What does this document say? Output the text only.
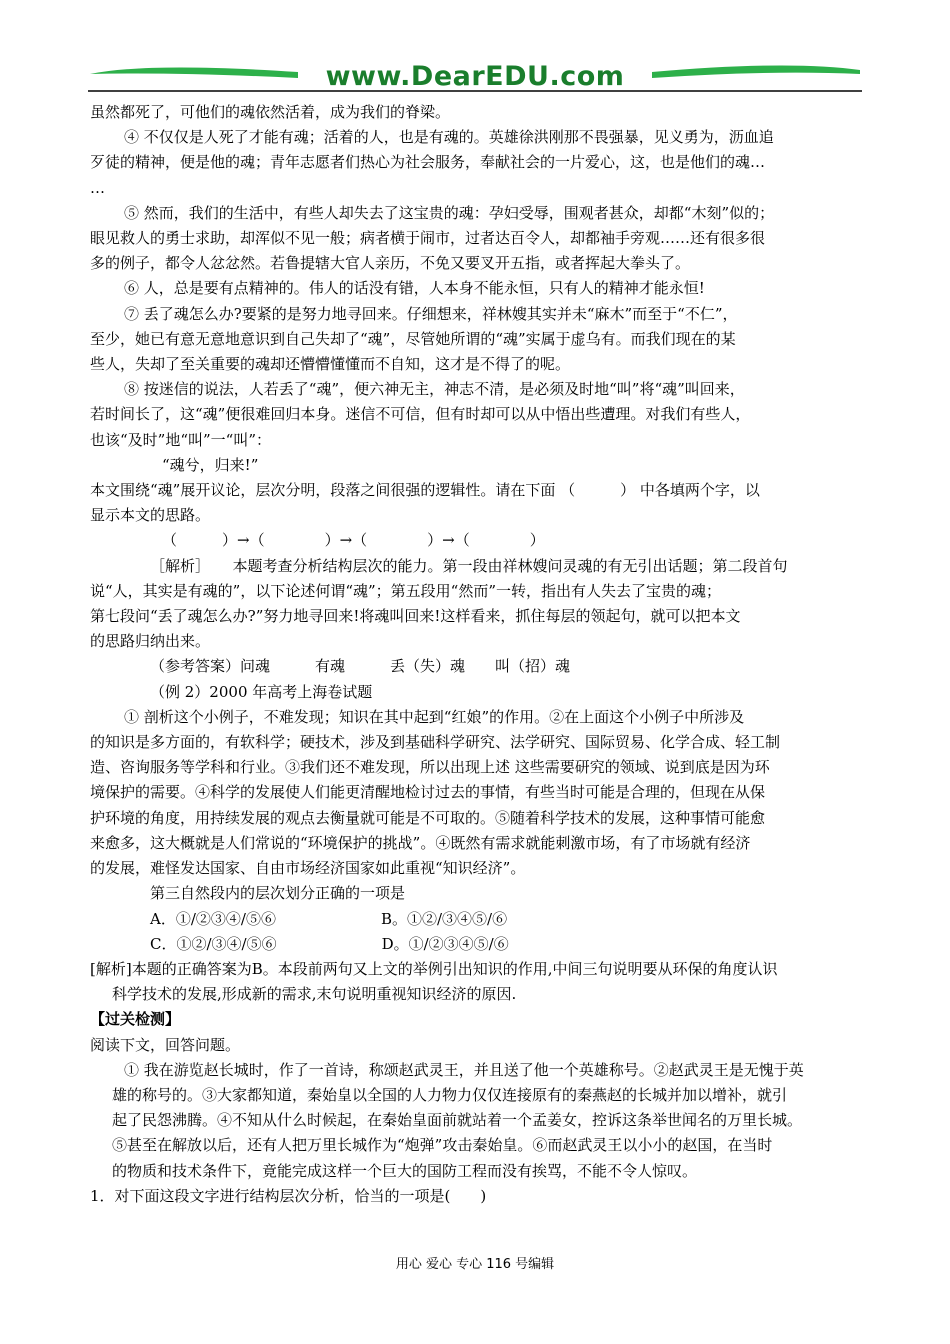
www.DearEDU.com

虽然都死了，可他们的魂依然活着，成为我们的脊梁。

④ 不仅仅是人死了才能有魂；活着的人，也是有魂的。英雄徐洪刚那不畏强暴，见义勇为，沥血追

歹徒的精神，便是他的魂；青年志愿者们热心为社会服务，奉献社会的一片爱心，这，也是他们的魂…

…

⑤ 然而，我们的生活中，有些人却失去了这宝贵的魂：孕妇受辱，围观者甚众，却都“木刻”似的；

眼见救人的勇士求助，却浑似不见一般；病者横于闹市，过者达百令人，却都袖手旁观……还有很多很

多的例子，都令人忿忿然。若鲁提辖大官人亲历，不免又要叉开五指，或者挥起大拳头了。

⑥ 人，总是要有点精神的。伟人的话没有错，人本身不能永恒，只有人的精神才能永恒!

⑦ 丢了魂怎么办?要紧的是努力地寻回来。仔细想来，祥林嫂其实并未“麻木”而至于“不仁”，

至少，她已有意无意地意识到自己失却了“魂”，尽管她所谓的“魂”实属于虚乌有。而我们现在的某

些人，失却了至关重要的魂却还懵懵懂懂而不自知，这才是不得了的呢。

⑧ 按迷信的说法，人若丢了“魂”，便六神无主，神志不清，是必须及时地“叫”将“魂”叫回来，

若时间长了，这“魂”便很难回归本身。迷信不可信，但有时却可以从中悟出些遭理。对我们有些人，

也该“及时”地“叫”一“叫”：

“魂兮，归来!”

本文围绕“魂”展开议论，层次分明，段落之间很强的逻辑性。请在下面 （　　　） 中各填两个字，以

显示本文的思路。

（　　　）→（　　　　）→（　　　　）→（　　　　）

［解析］　　本题考查分析结构层次的能力。第一段由祥林嫂问灵魂的有无引出话题；第二段首句

说“人，其实是有魂的”，以下论述何谓“魂”；第五段用“然而”一转，指出有人失去了宝贵的魂；

第七段问“丢了魂怎么办?”努力地寻回来!将魂叫回来!这样看来，抓住每层的领起句，就可以把本文

的思路归纳出来。

（参考答案）问魂　　　有魂　　　丢（失）魂　　叫（招）魂

（例 2）2000 年高考上海卷试题

① 剖析这个小例子，不难发现；知识在其中起到“红娘”的作用。②在上面这个小例子中所涉及

的知识是多方面的，有软科学；硬技术，涉及到基础科学研究、法学研究、国际贸易、化学合成、轻工制

造、咨询服务等学科和行业。③我们还不难发现，所以出现上述 这些需要研究的领域、说到底是因为环

境保护的需要。④科学的发展使人们能更清醒地检讨过去的事情，有些当时可能是合理的，但现在从保

护环境的角度，用持续发展的观点去衡量就可能是不可取的。⑤随着科学技术的发展，这种事情可能愈

来愈多，这大概就是人们常说的“环境保护的挑战”。④既然有需求就能刺激市场，有了市场就有经济

的发展，难怪发达国家、自由市场经济国家如此重视“知识经济”。

第三自然段内的层次划分正确的一项是

A．①/②③④/⑤⑥　　　　　　　B。①②/③④⑤/⑥

C．①②/③④/⑤⑥　　　　　　　D。①/②③④⑤/⑥

[解析]本题的正确答案为B。本段前两句又上文的举例引出知识的作用,中间三句说明要从环保的角度认识

科学技术的发展,形成新的需求,末句说明重视知识经济的原因.

【过关检测】

阅读下文，回答问题。

① 我在游览赵长城时，作了一首诗，称颂赵武灵王，并且送了他一个英雄称号。②赵武灵王是无愧于英

雄的称号的。③大家都知道，秦始皇以全国的人力物力仅仅连接原有的秦燕赵的长城并加以增补，就引

起了民怨沸腾。④不知从什么时候起，在秦始皇面前就站着一个孟姜女，控诉这条举世闻名的万里长城。

⑤甚至在解放以后，还有人把万里长城作为“炮弹”攻击秦始皇。⑥而赵武灵王以小小的赵国，在当时

的物质和技术条件下，竟能完成这样一个巨大的国防工程而没有挨骂，不能不令人惊叹。

1．对下面这段文字进行结构层次分析，恰当的一项是(　　)

用心 爱心 专心 116 号编辑
